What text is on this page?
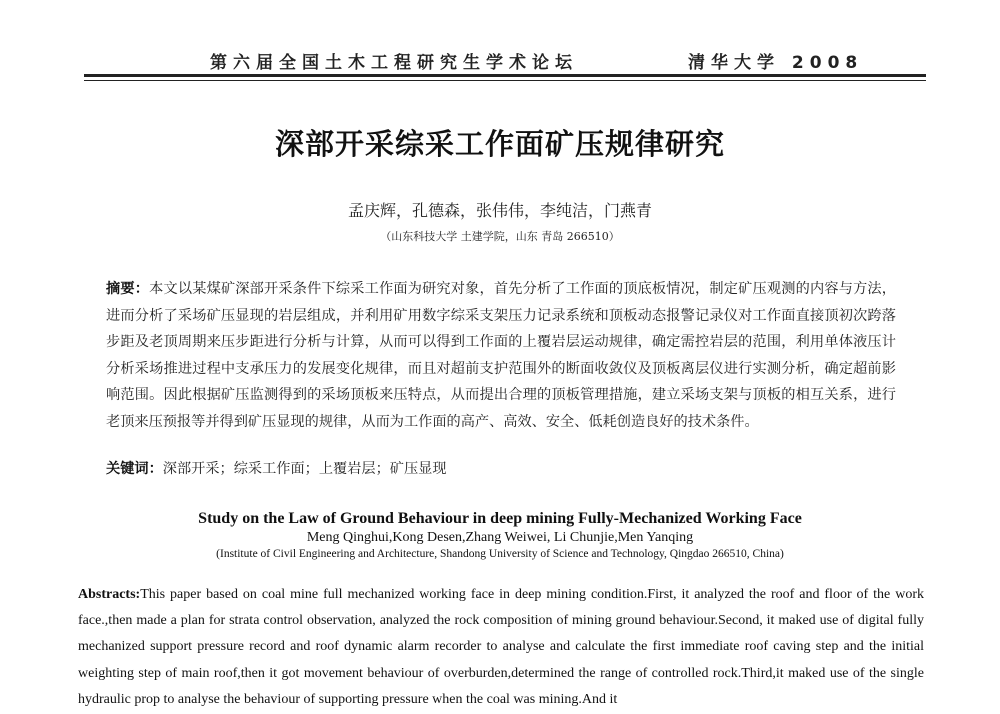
第六届全国土木工程研究生学术论坛	清华大学 2008
深部开采综采工作面矿压规律研究
孟庆辉，孔德森，张伟伟，李纯洁，门燕青
（山东科技大学 土建学院，山东 青岛 266510）
摘要：本文以某煤矿深部开采条件下综采工作面为研究对象，首先分析了工作面的顶底板情况，制定矿压观测的内容与方法，进而分析了采场矿压显现的岩层组成，并利用矿用数字综采支架压力记录系统和顶板动态报警记录仪对工作面直接顶初次跨落步距及老顶周期来压步距进行分析与计算，从而可以得到工作面的上覆岩层运动规律，确定需控岩层的范围，利用单体液压计分析采场推进过程中支承压力的发展变化规律，而且对超前支护范围外的断面收敛仪及顶板离层仪进行实测分析，确定超前影响范围。因此根据矿压监测得到的采场顶板来压特点，从而提出合理的顶板管理措施，建立采场支架与顶板的相互关系，进行老顶来压预报等并得到矿压显现的规律，从而为工作面的高产、高效、安全、低耗创造良好的技术条件。
关键词：深部开采；综采工作面；上覆岩层；矿压显现
Study on the Law of Ground Behaviour in deep mining Fully-Mechanized Working Face
Meng Qinghui,Kong Desen,Zhang Weiwei, Li Chunjie,Men Yanqing
(Institute of Civil Engineering and Architecture, Shandong University of Science and Technology, Qingdao 266510, China)
Abstracts:This paper based on coal mine full mechanized working face in deep mining condition.First, it analyzed the roof and floor of the work face.,then made a plan for strata control observation, analyzed the rock composition of mining ground behaviour.Second, it maked use of digital fully mechanized support pressure record and roof dynamic alarm recorder to analyse and calculate the first immediate roof caving step and the initial weighting step of main roof,then it got movement behaviour of overburden,determined the range of controlled rock.Third,it maked use of the single hydraulic prop to analyse the behaviour of supporting pressure when the coal was mining.And it
